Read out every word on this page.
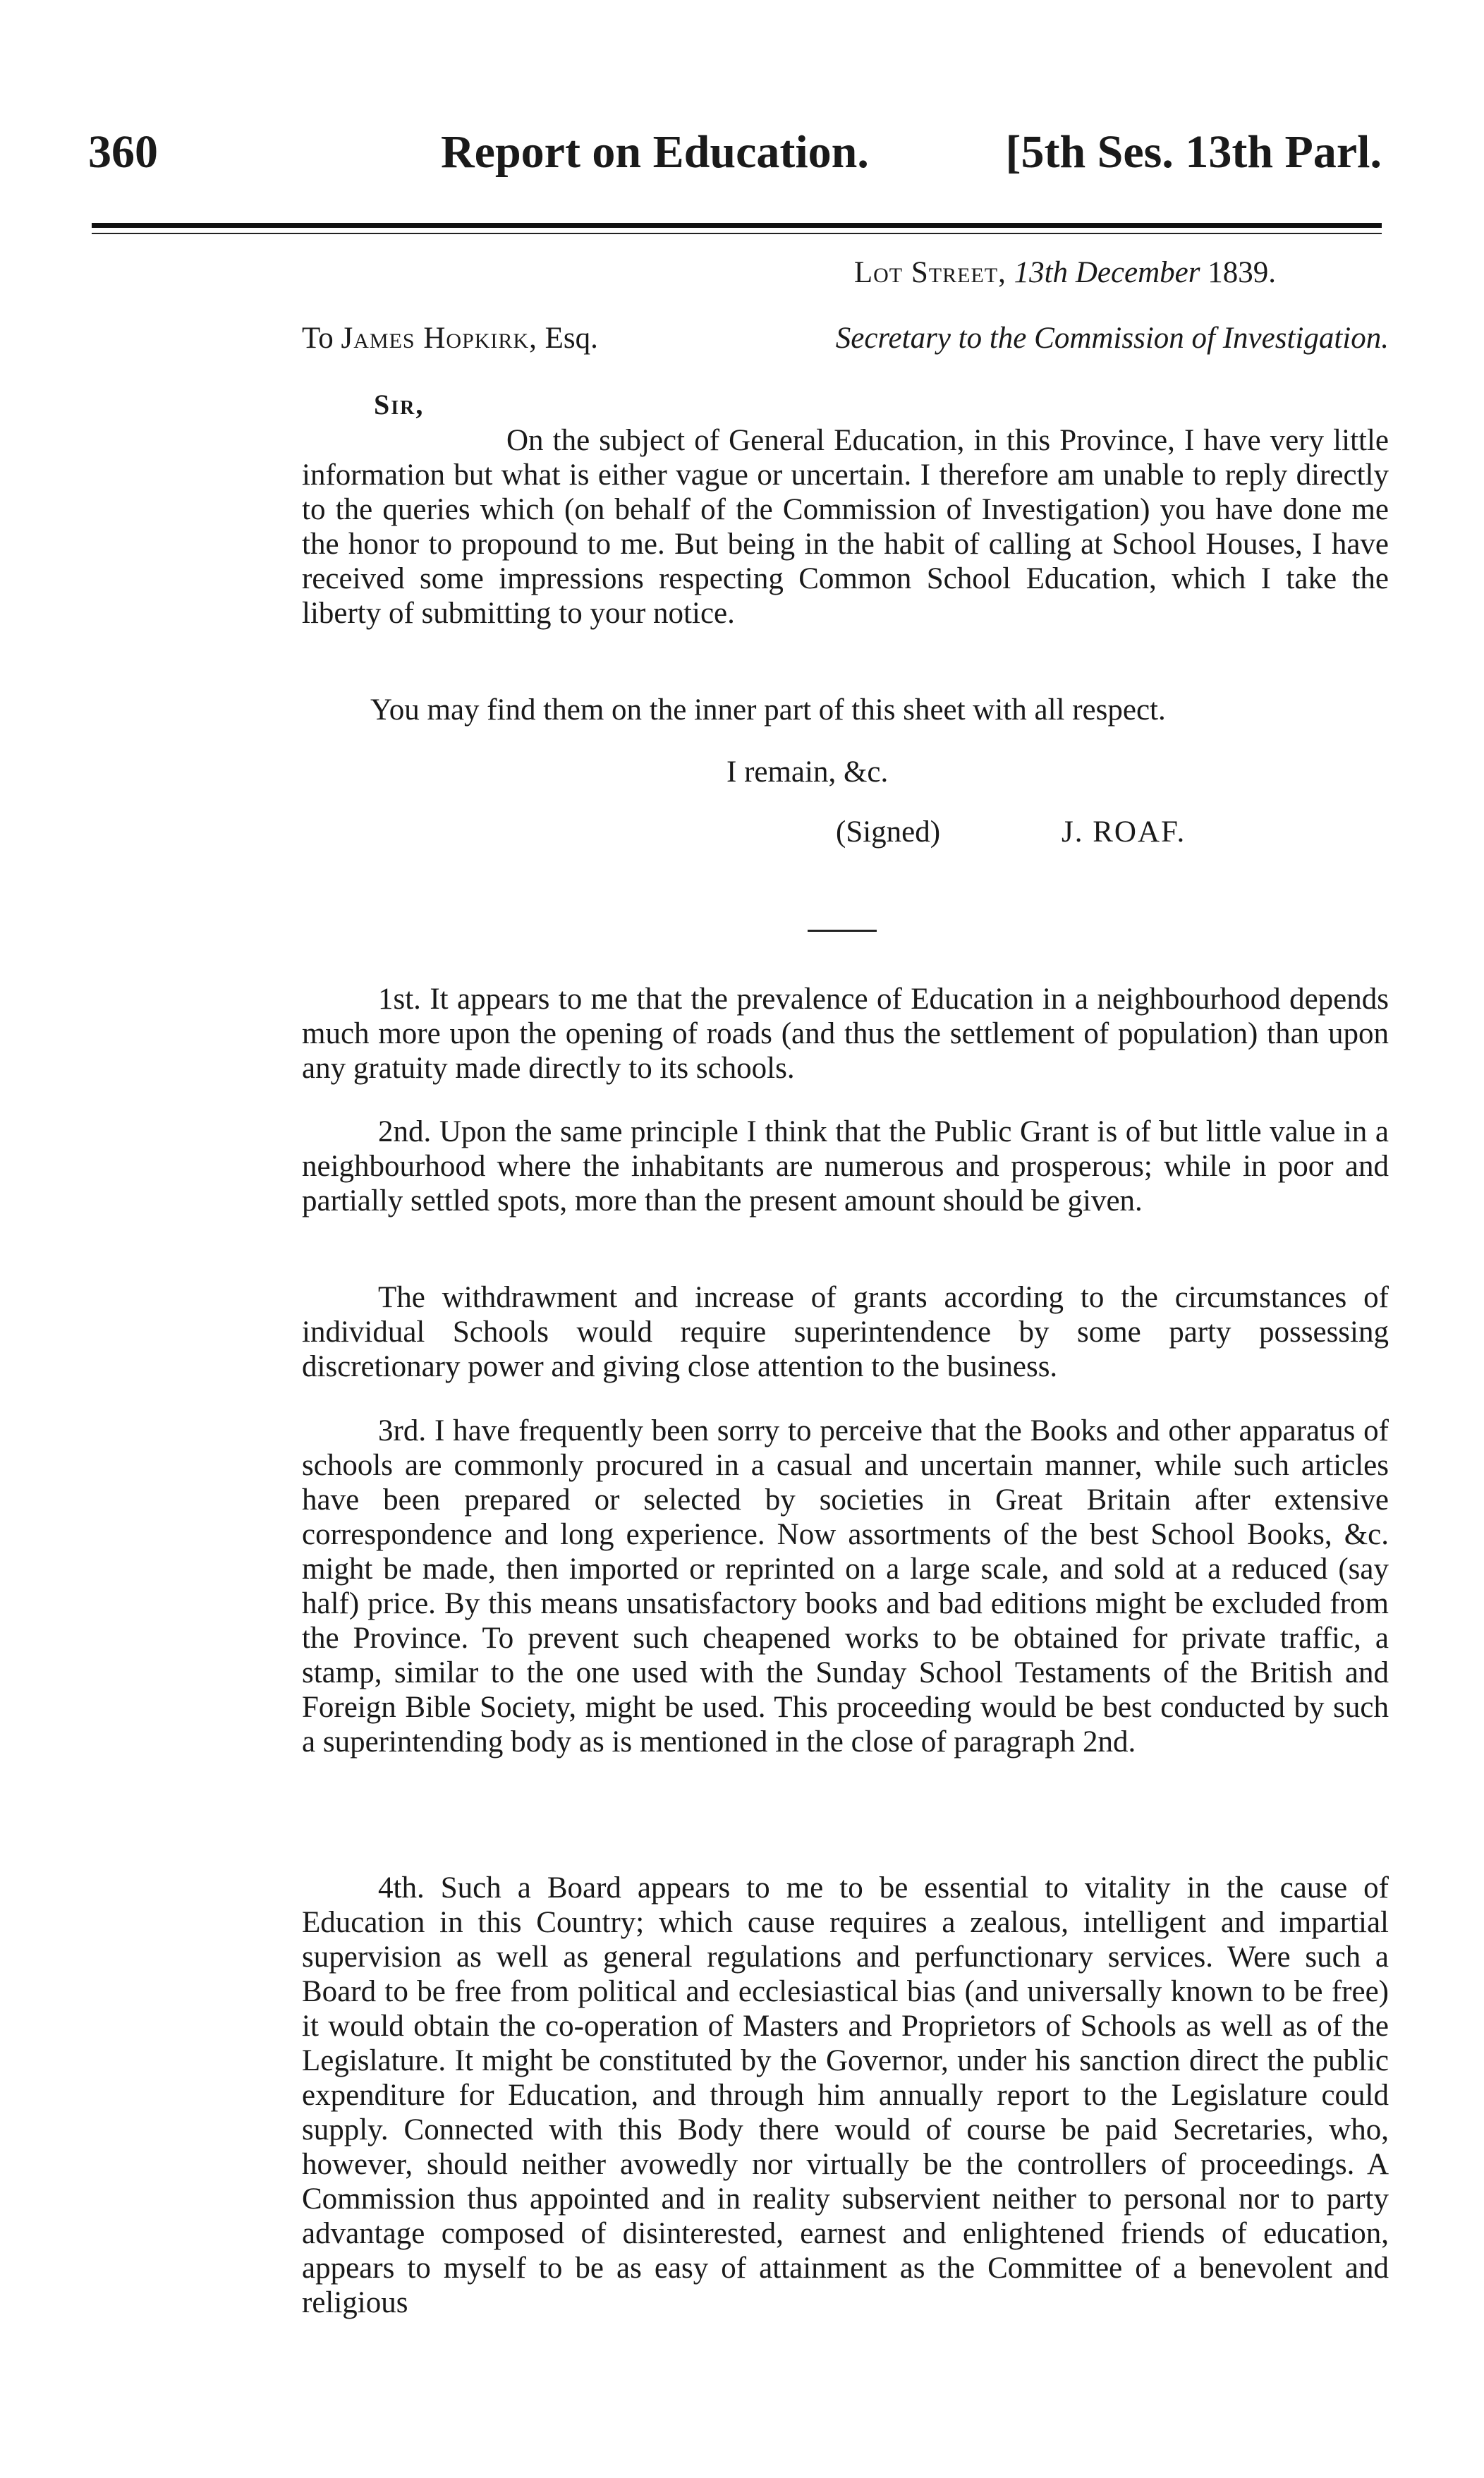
360	Report on Education.	[5th Ses. 13th Parl.
Lot Street, 13th December 1839.
To James Hopkirk, Esq.	Secretary to the Commission of Investigation.
Sir,
On the subject of General Education, in this Province, I have very little information but what is either vague or uncertain. I therefore am unable to reply directly to the queries which (on behalf of the Commission of Investigation) you have done me the honor to propound to me. But being in the habit of calling at School Houses, I have received some impressions respecting Common School Education, which I take the liberty of submitting to your notice.
You may find them on the inner part of this sheet with all respect.
I remain, &c.
(Signed)	J. ROAF.
1st. It appears to me that the prevalence of Education in a neighbourhood depends much more upon the opening of roads (and thus the settlement of population) than upon any gratuity made directly to its schools.
2nd. Upon the same principle I think that the Public Grant is of but little value in a neighbourhood where the inhabitants are numerous and prosperous; while in poor and partially settled spots, more than the present amount should be given.
The withdrawment and increase of grants according to the circumstances of individual Schools would require superintendence by some party possessing discretionary power and giving close attention to the business.
3rd. I have frequently been sorry to perceive that the Books and other apparatus of schools are commonly procured in a casual and uncertain manner, while such articles have been prepared or selected by societies in Great Britain after extensive correspondence and long experience. Now assortments of the best School Books, &c. might be made, then imported or reprinted on a large scale, and sold at a reduced (say half) price. By this means unsatisfactory books and bad editions might be excluded from the Province. To prevent such cheapened works to be obtained for private traffic, a stamp, similar to the one used with the Sunday School Testaments of the British and Foreign Bible Society, might be used. This proceeding would be best conducted by such a superintending body as is mentioned in the close of paragraph 2nd.
4th. Such a Board appears to me to be essential to vitality in the cause of Education in this Country; which cause requires a zealous, intelligent and impartial supervision as well as general regulations and perfunctionary services. Were such a Board to be free from political and ecclesiastical bias (and universally known to be free) it would obtain the co-operation of Masters and Proprietors of Schools as well as of the Legislature. It might be constituted by the Governor, under his sanction direct the public expenditure for Education, and through him annually report to the Legislature could supply. Connected with this Body there would of course be paid Secretaries, who, however, should neither avowedly nor virtually be the controllers of proceedings. A Commission thus appointed and in reality subservient neither to personal nor to party advantage composed of disinterested, earnest and enlightened friends of education, appears to myself to be as easy of attainment as the Committee of a benevolent and religious
